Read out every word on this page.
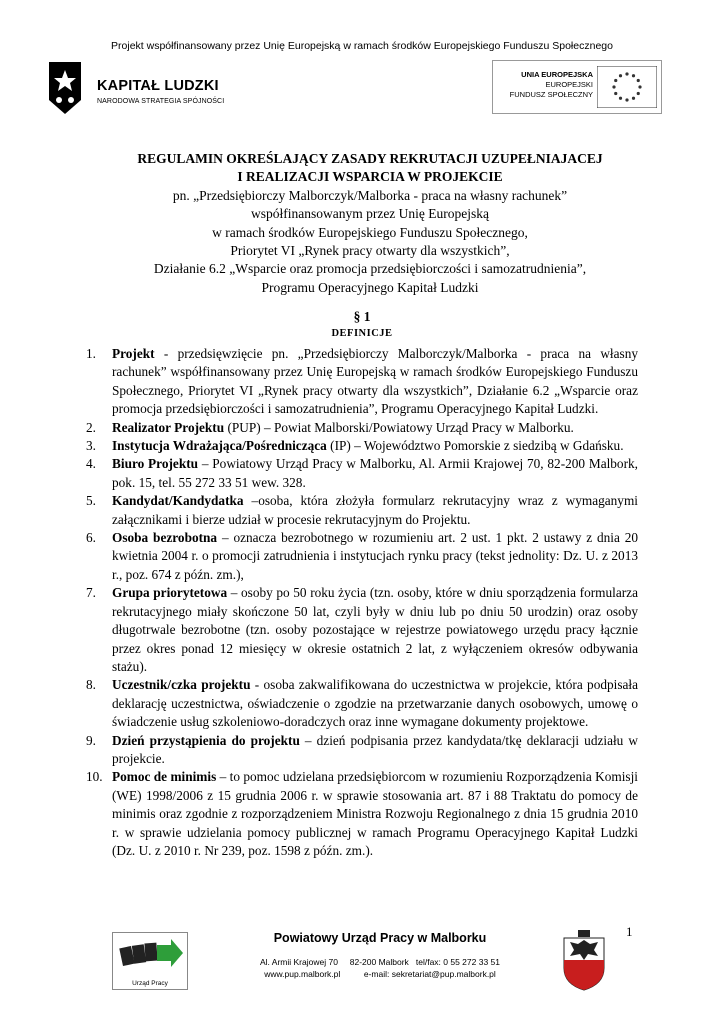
Projekt współfinansowany przez Unię Europejską w ramach środków Europejskiego Funduszu Społecznego
KAPITAŁ LUDZKI
NARODOWA STRATEGIA SPÓJNOŚCI
UNIA EUROPEJSKA
EUROPEJSKI
FUNDUSZ SPOŁECZNY
REGULAMIN OKREŚLAJĄCY ZASADY REKRUTACJI UZUPEŁNIAJACEJ
I REALIZACJI WSPARCIA W PROJEKCIE
pn. „Przedsiębiorczy Malborczyk/Malborka - praca na własny rachunek”
współfinansowanym przez Unię Europejską
w ramach środków Europejskiego Funduszu Społecznego,
Priorytet VI „Rynek pracy otwarty dla wszystkich”,
Działanie 6.2 „Wsparcie oraz promocja przedsiębiorczości i samozatrudnienia”,
Programu Operacyjnego Kapitał Ludzki
§ 1
DEFINICJE
1. Projekt - przedsięwzięcie pn. „Przedsiębiorczy Malborczyk/Malborka - praca na własny rachunek” współfinansowany przez Unię Europejską w ramach środków Europejskiego Funduszu Społecznego, Priorytet VI „Rynek pracy otwarty dla wszystkich”, Działanie 6.2 „Wsparcie oraz promocja przedsiębiorczości i samozatrudnienia”, Programu Operacyjnego Kapitał Ludzki.
2. Realizator Projektu (PUP) – Powiat Malborski/Powiatowy Urząd Pracy w Malborku.
3. Instytucja Wdrażająca/Pośrednicząca (IP) – Województwo Pomorskie z siedzibą w Gdańsku.
4. Biuro Projektu – Powiatowy Urząd Pracy w Malborku, Al. Armii Krajowej 70, 82-200 Malbork, pok. 15, tel. 55 272 33 51 wew. 328.
5. Kandydat/Kandydatka –osoba, która złożyła formularz rekrutacyjny wraz z wymaganymi załącznikami i bierze udział w procesie rekrutacyjnym do Projektu.
6. Osoba bezrobotna – oznacza bezrobotnego w rozumieniu art. 2 ust. 1 pkt. 2 ustawy z dnia 20 kwietnia 2004 r. o promocji zatrudnienia i instytucjach rynku pracy (tekst jednolity: Dz. U. z 2013 r., poz. 674 z późn. zm.),
7. Grupa priorytetowa – osoby po 50 roku życia (tzn. osoby, które w dniu sporządzenia formularza rekrutacyjnego miały skończone 50 lat, czyli były w dniu lub po dniu 50 urodzin) oraz osoby długotrwale bezrobotne (tzn. osoby pozostające w rejestrze powiatowego urzędu pracy łącznie przez okres ponad 12 miesięcy w okresie ostatnich 2 lat, z wyłączeniem okresów odbywania stażu).
8. Uczestnik/czka projektu - osoba zakwalifikowana do uczestnictwa w projekcie, która podpisała deklarację uczestnictwa, oświadczenie o zgodzie na przetwarzanie danych osobowych, umowę o świadczenie usług szkoleniowo-doradczych oraz inne wymagane dokumenty projektowe.
9. Dzień przystąpienia do projektu – dzień podpisania przez kandydata/tkę deklaracji udziału w projekcie.
10. Pomoc de minimis – to pomoc udzielana przedsiębiorcom w rozumieniu Rozporządzenia Komisji (WE) 1998/2006 z 15 grudnia 2006 r. w sprawie stosowania art. 87 i 88 Traktatu do pomocy de minimis oraz zgodnie z rozporządzeniem Ministra Rozwoju Regionalnego z dnia 15 grudnia 2010 r. w sprawie udzielania pomocy publicznej w ramach Programu Operacyjnego Kapitał Ludzki (Dz. U. z 2010 r. Nr 239, poz. 1598 z późn. zm.).
1
Urząd Pracy
Powiatowy Urząd Pracy w Malborku
Al. Armii Krajowej 70     82-200 Malbork   tel/fax: 0 55 272 33 51
www.pup.malbork.pl          e-mail: sekretariat@pup.malbork.pl
